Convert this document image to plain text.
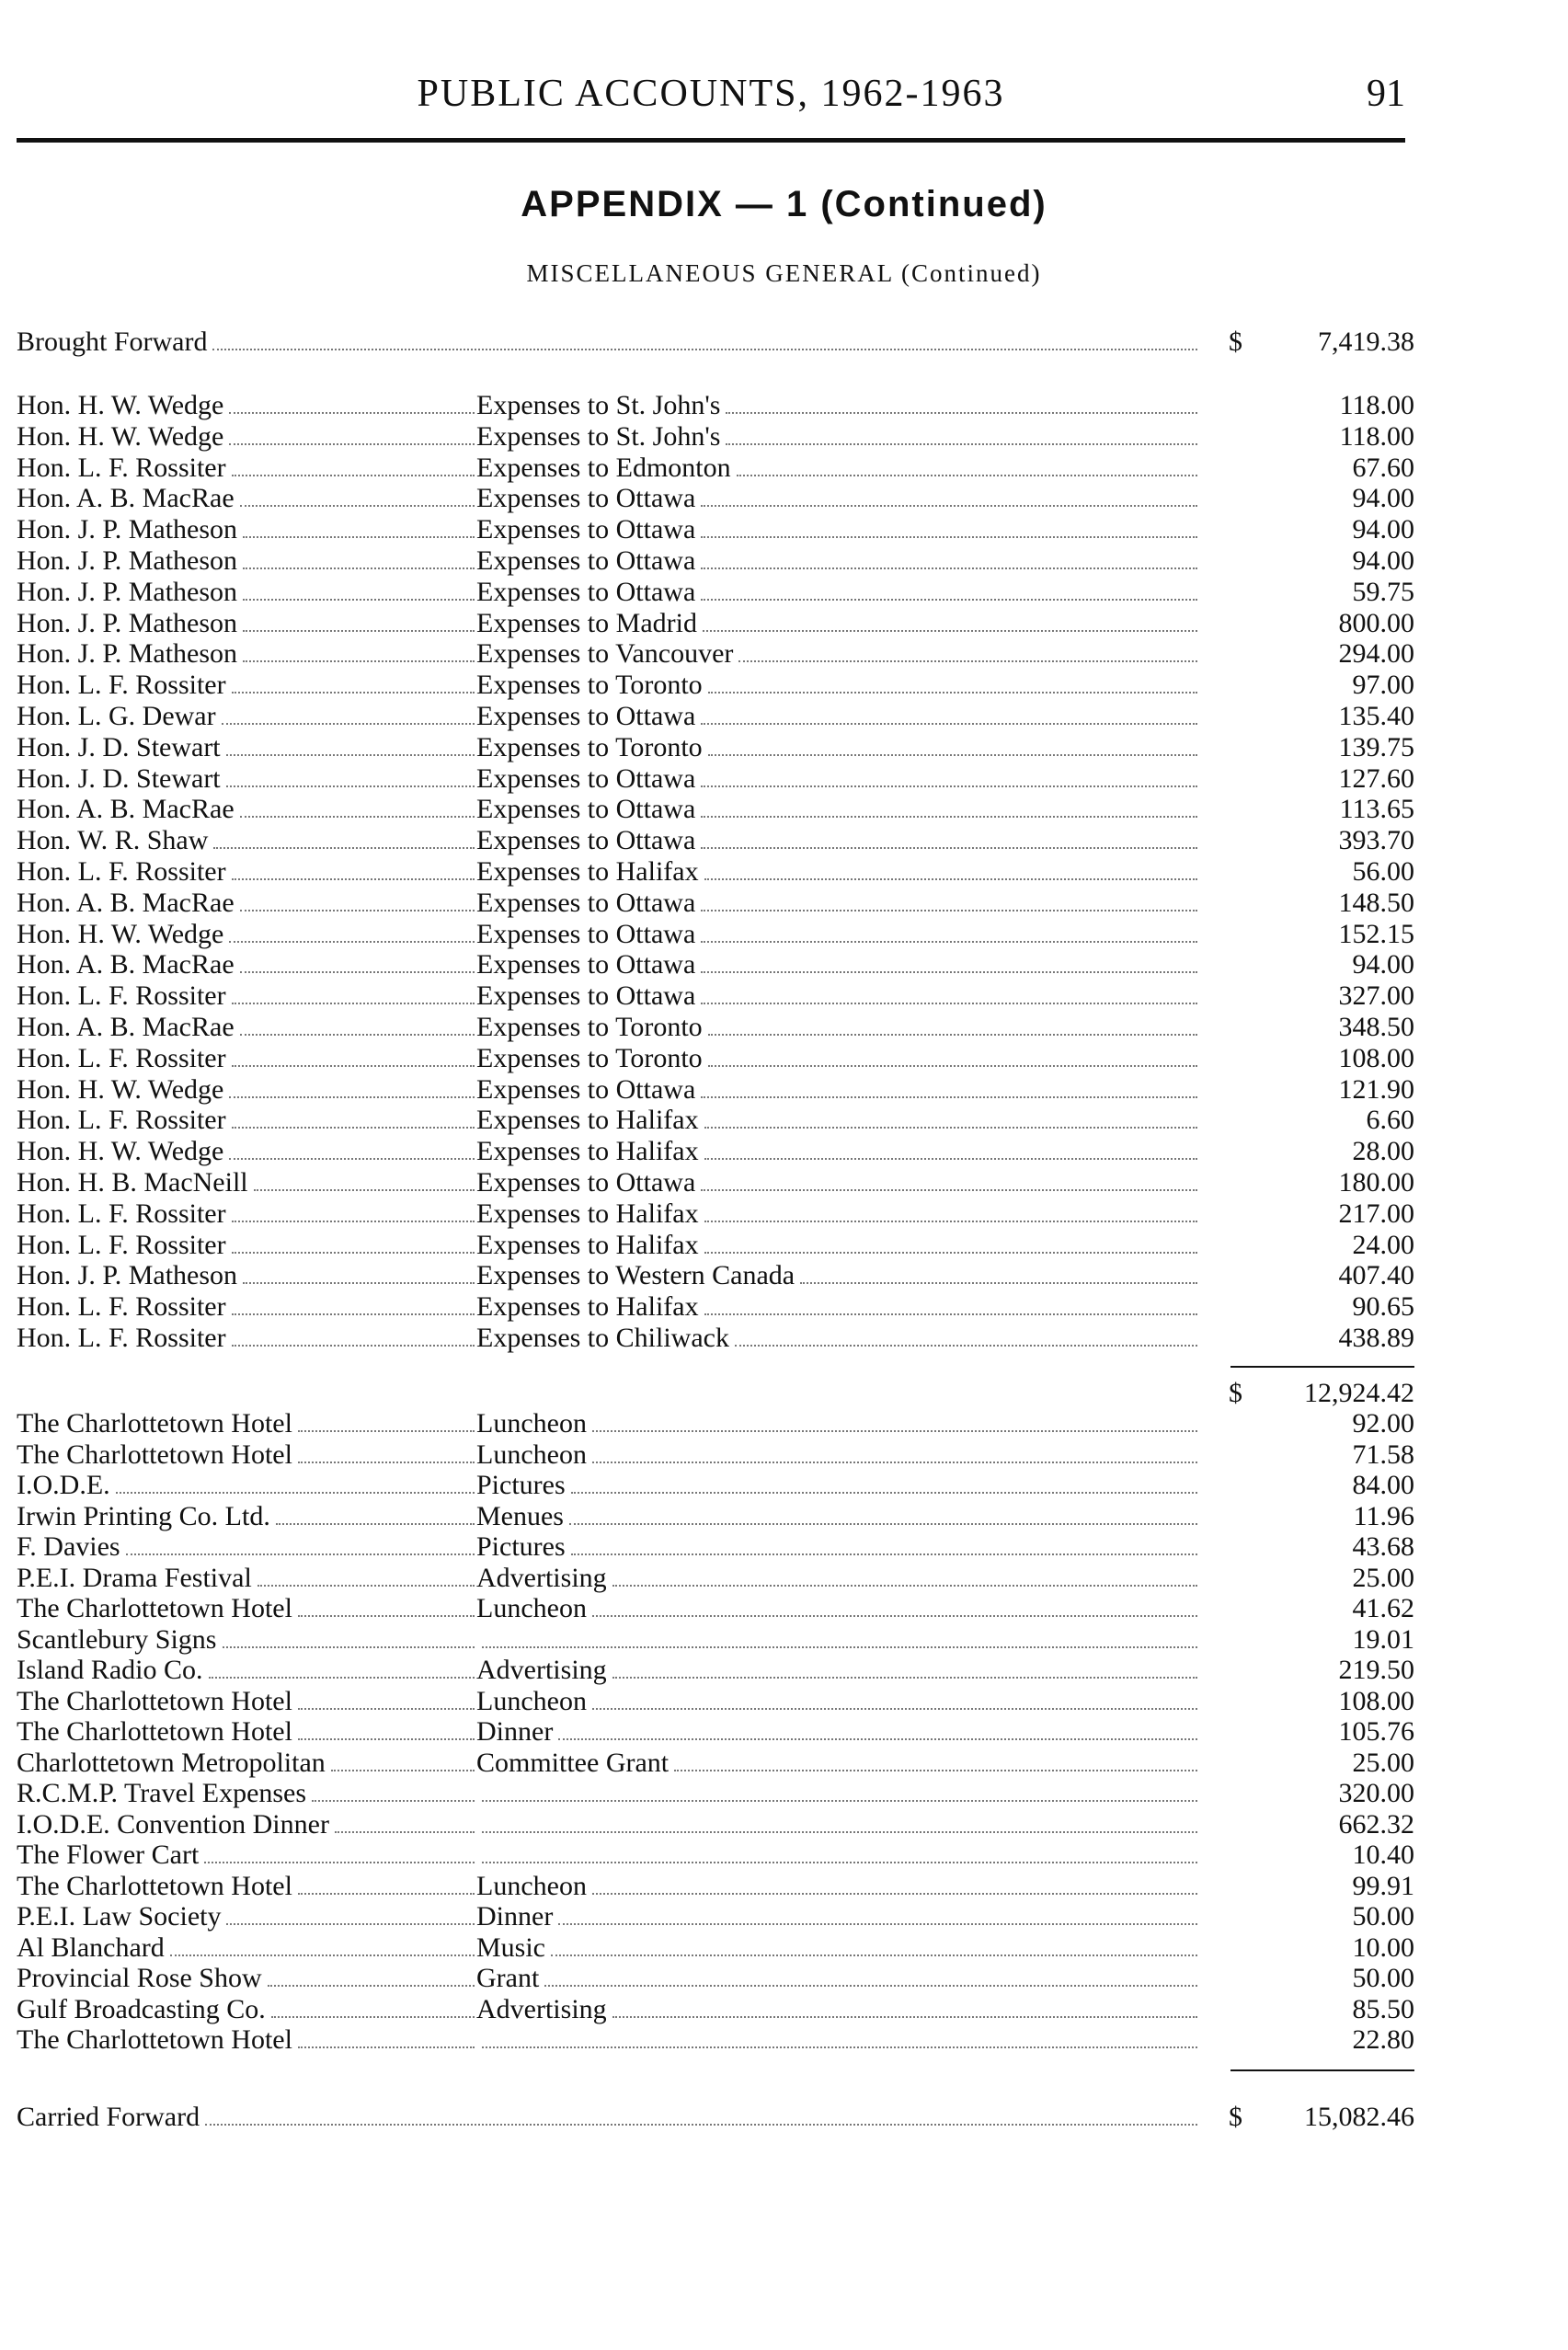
PUBLIC ACCOUNTS, 1962-1963	91
APPENDIX — 1 (Continued)
MISCELLANEOUS GENERAL (Continued)
Brought Forward	$	7,419.38
Hon. H. W. Wedge	Expenses to St. John's	118.00
Hon. H. W. Wedge	Expenses to St. John's	118.00
Hon. L. F. Rossiter	Expenses to Edmonton	67.60
Hon. A. B. MacRae	Expenses to Ottawa	94.00
Hon. J. P. Matheson	Expenses to Ottawa	94.00
Hon. J. P. Matheson	Expenses to Ottawa	94.00
Hon. J. P. Matheson	Expenses to Ottawa	59.75
Hon. J. P. Matheson	Expenses to Madrid	800.00
Hon. J. P. Matheson	Expenses to Vancouver	294.00
Hon. L. F. Rossiter	Expenses to Toronto	97.00
Hon. L. G. Dewar	Expenses to Ottawa	135.40
Hon. J. D. Stewart	Expenses to Toronto	139.75
Hon. J. D. Stewart	Expenses to Ottawa	127.60
Hon. A. B. MacRae	Expenses to Ottawa	113.65
Hon. W. R. Shaw	Expenses to Ottawa	393.70
Hon. L. F. Rossiter	Expenses to Halifax	56.00
Hon. A. B. MacRae	Expenses to Ottawa	148.50
Hon. H. W. Wedge	Expenses to Ottawa	152.15
Hon. A. B. MacRae	Expenses to Ottawa	94.00
Hon. L. F. Rossiter	Expenses to Ottawa	327.00
Hon. A. B. MacRae	Expenses to Toronto	348.50
Hon. L. F. Rossiter	Expenses to Toronto	108.00
Hon. H. W. Wedge	Expenses to Ottawa	121.90
Hon. L. F. Rossiter	Expenses to Halifax	6.60
Hon. H. W. Wedge	Expenses to Halifax	28.00
Hon. H. B. MacNeill	Expenses to Ottawa	180.00
Hon. L. F. Rossiter	Expenses to Halifax	217.00
Hon. L. F. Rossiter	Expenses to Halifax	24.00
Hon. J. P. Matheson	Expenses to Western Canada	407.40
Hon. L. F. Rossiter	Expenses to Halifax	90.65
Hon. L. F. Rossiter	Expenses to Chiliwack	438.89
$	12,924.42
The Charlottetown Hotel	Luncheon	92.00
The Charlottetown Hotel	Luncheon	71.58
I.O.D.E.	Pictures	84.00
Irwin Printing Co. Ltd.	Menues	11.96
F. Davies	Pictures	43.68
P.E.I. Drama Festival	Advertising	25.00
The Charlottetown Hotel	Luncheon	41.62
Scantlebury Signs	19.01
Island Radio Co.	Advertising	219.50
The Charlottetown Hotel	Luncheon	108.00
The Charlottetown Hotel	Dinner	105.76
Charlottetown Metropolitan	Committee Grant	25.00
R.C.M.P. Travel Expenses	320.00
I.O.D.E. Convention Dinner	662.32
The Flower Cart	10.40
The Charlottetown Hotel	Luncheon	99.91
P.E.I. Law Society	Dinner	50.00
Al Blanchard	Music	10.00
Provincial Rose Show	Grant	50.00
Gulf Broadcasting Co.	Advertising	85.50
The Charlottetown Hotel	22.80
Carried Forward	$	15,082.46
